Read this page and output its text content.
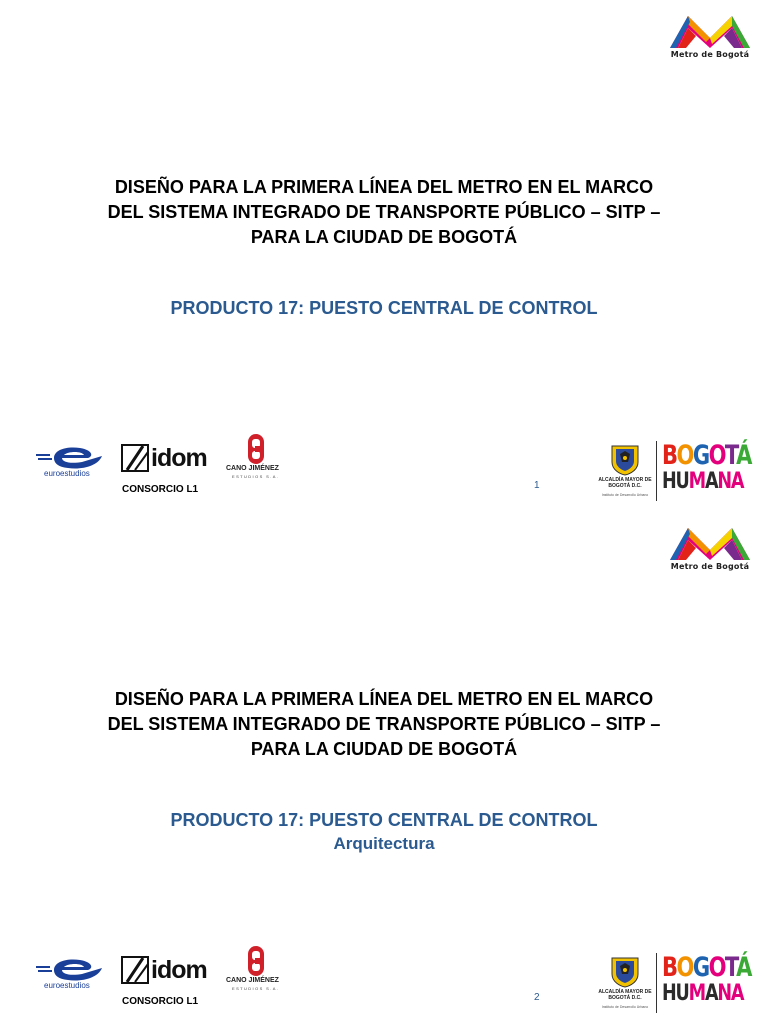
Metro de Bogotá
DISEÑO PARA LA PRIMERA LÍNEA DEL METRO EN EL MARCO
DEL SISTEMA INTEGRADO DE TRANSPORTE PÚBLICO – SITP –
PARA LA CIUDAD DE BOGOTÁ
PRODUCTO 17: PUESTO CENTRAL DE CONTROL
euroestudios
idom	CANO JIMÉNEZ
ESTUDIOS S.A.
CONSORCIO L1	1	ALCALDÍA MAYOR DE BOGOTÁ D.C.
Instituto de Desarrollo Urbano
BOGOTÁ
HUMANA
Metro de Bogotá
DISEÑO PARA LA PRIMERA LÍNEA DEL METRO EN EL MARCO
DEL SISTEMA INTEGRADO DE TRANSPORTE PÚBLICO – SITP –
PARA LA CIUDAD DE BOGOTÁ
PRODUCTO 17: PUESTO CENTRAL DE CONTROL
Arquitectura
euroestudios
idom	CANO JIMÉNEZ
ESTUDIOS S.A.
CONSORCIO L1	2	ALCALDÍA MAYOR DE BOGOTÁ D.C.
Instituto de Desarrollo Urbano
BOGOTÁ
HUMANA
